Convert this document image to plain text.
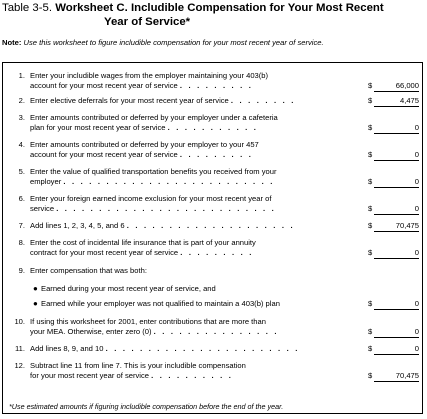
Table 3-5. Worksheet C. Includible Compensation for Your Most Recent
Year of Service*
Note: Use this worksheet to figure includible compensation for your most recent year of service.
1. Enter your includible wages from the employer maintaining your 403(b)
account for your most recent year of service . . . . . . . . .	$	66,000
2. Enter elective deferrals for your most recent year of service . . . . . . . .	$	4,475
3. Enter amounts contributed or deferred by your employer under a cafeteria
plan for your most recent year of service . . . . . . . . . . .	$	0
4. Enter amounts contributed or deferred by your employer to your 457
account for your most recent year of service . . . . . . . . .	$	0
5. Enter the value of qualified transportation benefits you received from your
employer . . . . . . . . . . . . . . . . . . . . . . . . .	$	0
6. Enter your foreign earned income exclusion for your most recent year of
service . . . . . . . . . . . . . . . . . . . . . . . . . .	$	0
7. Add lines 1, 2, 3, 4, 5, and 6 . . . . . . . . . . . . . . . . . . . .	$	70,475
8. Enter the cost of incidental life insurance that is part of your annuity
contract for your most recent year of service . . . . . . . . .	$	0
9. Enter compensation that was both:
● Earned during your most recent year of service, and
● Earned while your employer was not qualified to maintain a 403(b) plan	$	0
10. If using this worksheet for 2001, enter contributions that are more than
your MEA. Otherwise, enter zero (0) . . . . . . . . . . . . . . .	$	0
11. Add lines 8, 9, and 10 . . . . . . . . . . . . . . . . . . . . . . .	$	0
12. Subtract line 11 from line 7. This is your includible compensation
for your most recent year of service . . . . . . . . . .	$	70,475
*Use estimated amounts if figuring includible compensation before the end of the year.
